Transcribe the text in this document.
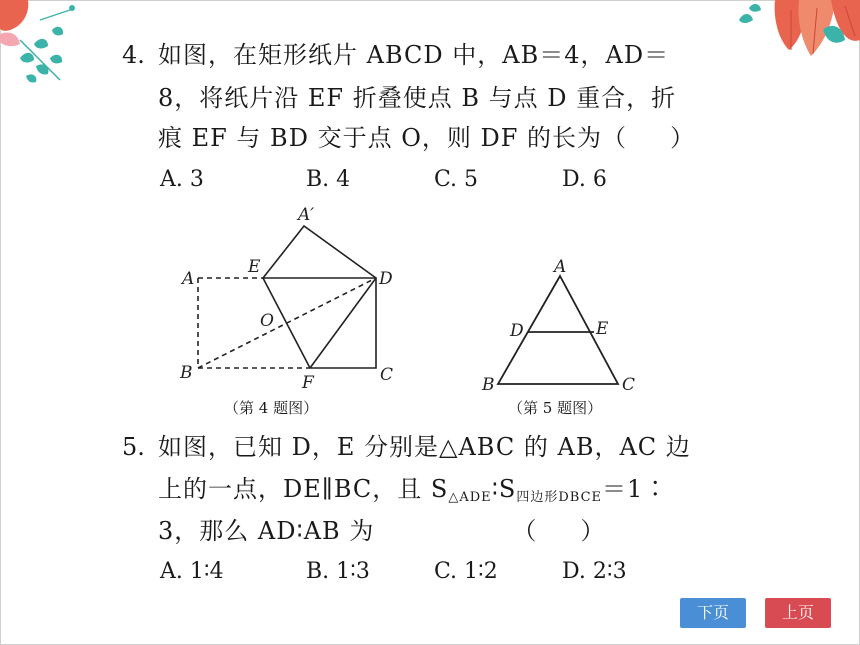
4. 如图，在矩形纸片 ABCD 中，AB＝4，AD＝
8，将纸片沿 EF 折叠使点 B 与点 D 重合，折
痕 EF 与 BD 交于点 O，则 DF 的长为（     ）
A. 3	B. 4	C. 5	D. 6
A
A′
E
D
O
B	F	C
（第 4 题图）
A
D	E
B	C
（第 5 题图）
5. 如图，已知 D，E 分别是△ABC 的 AB，AC 边
上的一点，DE∥BC，且 S△ADE∶S四边形DBCE＝1∶
3，那么 AD∶AB 为                （     ）
A. 1∶4	B. 1∶3	C. 1∶2	D. 2∶3
下页	上页
